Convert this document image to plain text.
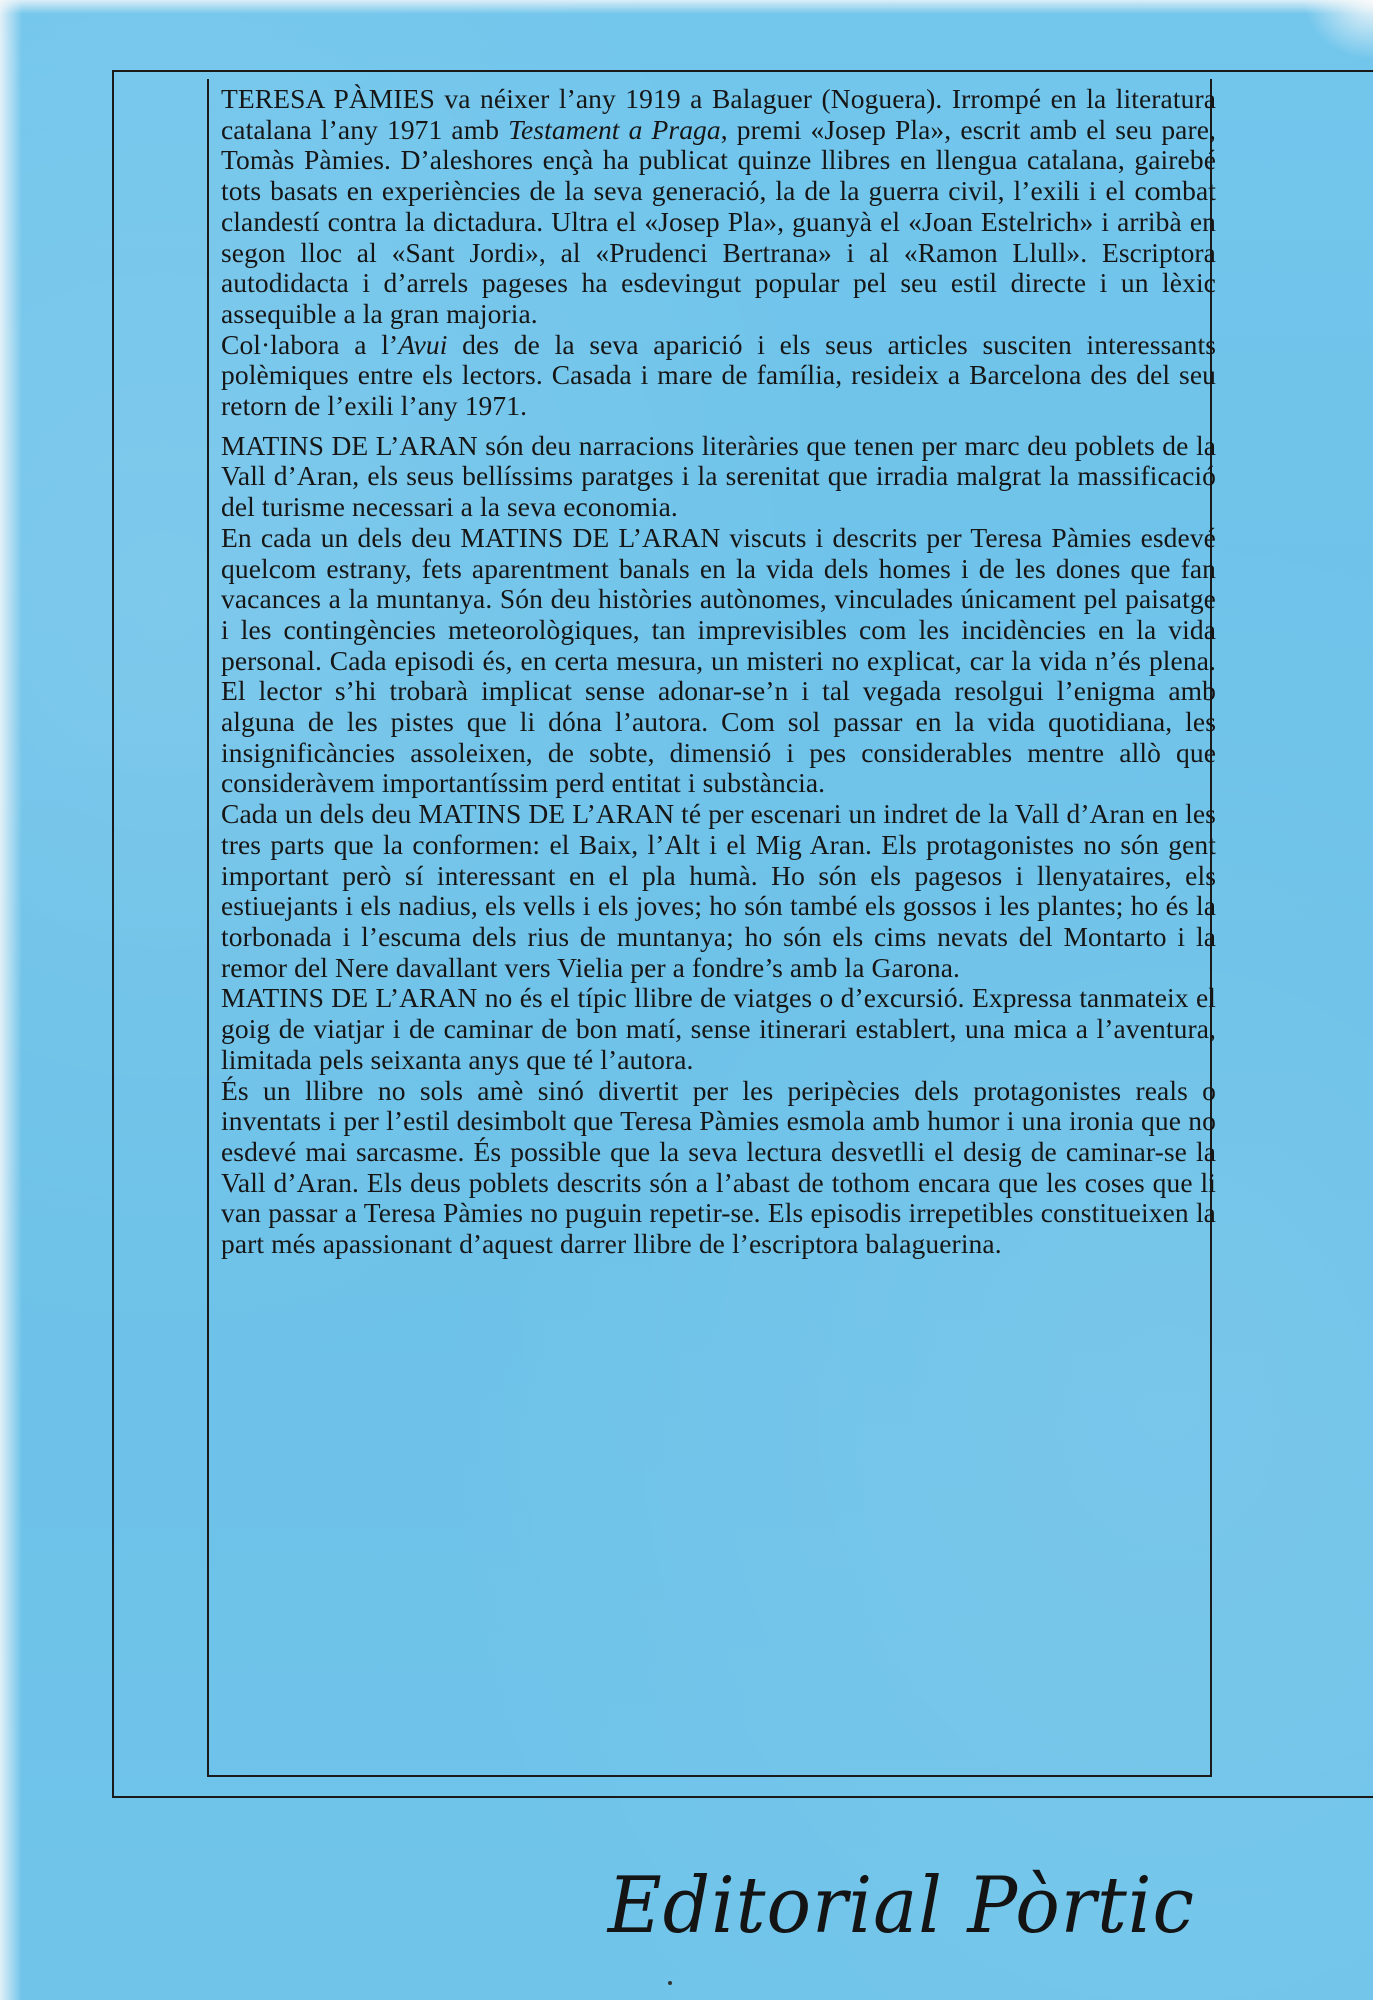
TERESA PÀMIES va néixer l’any 1919 a Balaguer (Noguera). Irrompé en la literatura catalana l’any 1971 amb Testament a Praga, premi «Josep Pla», escrit amb el seu pare, Tomàs Pàmies. D’aleshores ençà ha publicat quinze llibres en llengua catalana, gairebé tots basats en experiències de la seva generació, la de la guerra civil, l’exili i el combat clandestí contra la dictadura. Ultra el «Josep Pla», guanyà el «Joan Estelrich» i arribà en segon lloc al «Sant Jordi», al «Prudenci Bertrana» i al «Ramon Llull». Escriptora autodidacta i d’arrels pageses ha esdevingut popular pel seu estil directe i un lèxic assequible a la gran majoria.

Col·labora a l’Avui des de la seva aparició i els seus articles susciten interessants polèmiques entre els lectors. Casada i mare de família, resideix a Barcelona des del seu retorn de l’exili l’any 1971.

MATINS DE L’ARAN són deu narracions literàries que tenen per marc deu poblets de la Vall d’Aran, els seus bellíssims paratges i la serenitat que irradia malgrat la massificació del turisme necessari a la seva economia.

En cada un dels deu MATINS DE L’ARAN viscuts i descrits per Teresa Pàmies esdevé quelcom estrany, fets aparentment banals en la vida dels homes i de les dones que fan vacances a la muntanya. Són deu històries autònomes, vinculades únicament pel paisatge i les contingències meteorològiques, tan imprevisibles com les incidències en la vida personal. Cada episodi és, en certa mesura, un misteri no explicat, car la vida n’és plena. El lector s’hi trobarà implicat sense adonar-se’n i tal vegada resolgui l’enigma amb alguna de les pistes que li dóna l’autora. Com sol passar en la vida quotidiana, les insignificàncies assoleixen, de sobte, dimensió i pes considerables mentre allò que consideràvem importantíssim perd entitat i substància.

Cada un dels deu MATINS DE L’ARAN té per escenari un indret de la Vall d’Aran en les tres parts que la conformen: el Baix, l’Alt i el Mig Aran. Els protagonistes no són gent important però sí interessant en el pla humà. Ho són els pagesos i llenyataires, els estiuejants i els nadius, els vells i els joves; ho són també els gossos i les plantes; ho és la torbonada i l’escuma dels rius de muntanya; ho són els cims nevats del Montarto i la remor del Nere davallant vers Vielia per a fondre’s amb la Garona.

MATINS DE L’ARAN no és el típic llibre de viatges o d’excursió. Expressa tanmateix el goig de viatjar i de caminar de bon matí, sense itinerari establert, una mica a l’aventura, limitada pels seixanta anys que té l’autora.

És un llibre no sols amè sinó divertit per les peripècies dels protagonistes reals o inventats i per l’estil desimbolt que Teresa Pàmies esmola amb humor i una ironia que no esdevé mai sarcasme. És possible que la seva lectura desvetlli el desig de caminar-se la Vall d’Aran. Els deus poblets descrits són a l’abast de tothom encara que les coses que li van passar a Teresa Pàmies no puguin repetir-se. Els episodis irrepetibles constitueixen la part més apassionant d’aquest darrer llibre de l’escriptora balaguerina.

Editorial Pòrtic
